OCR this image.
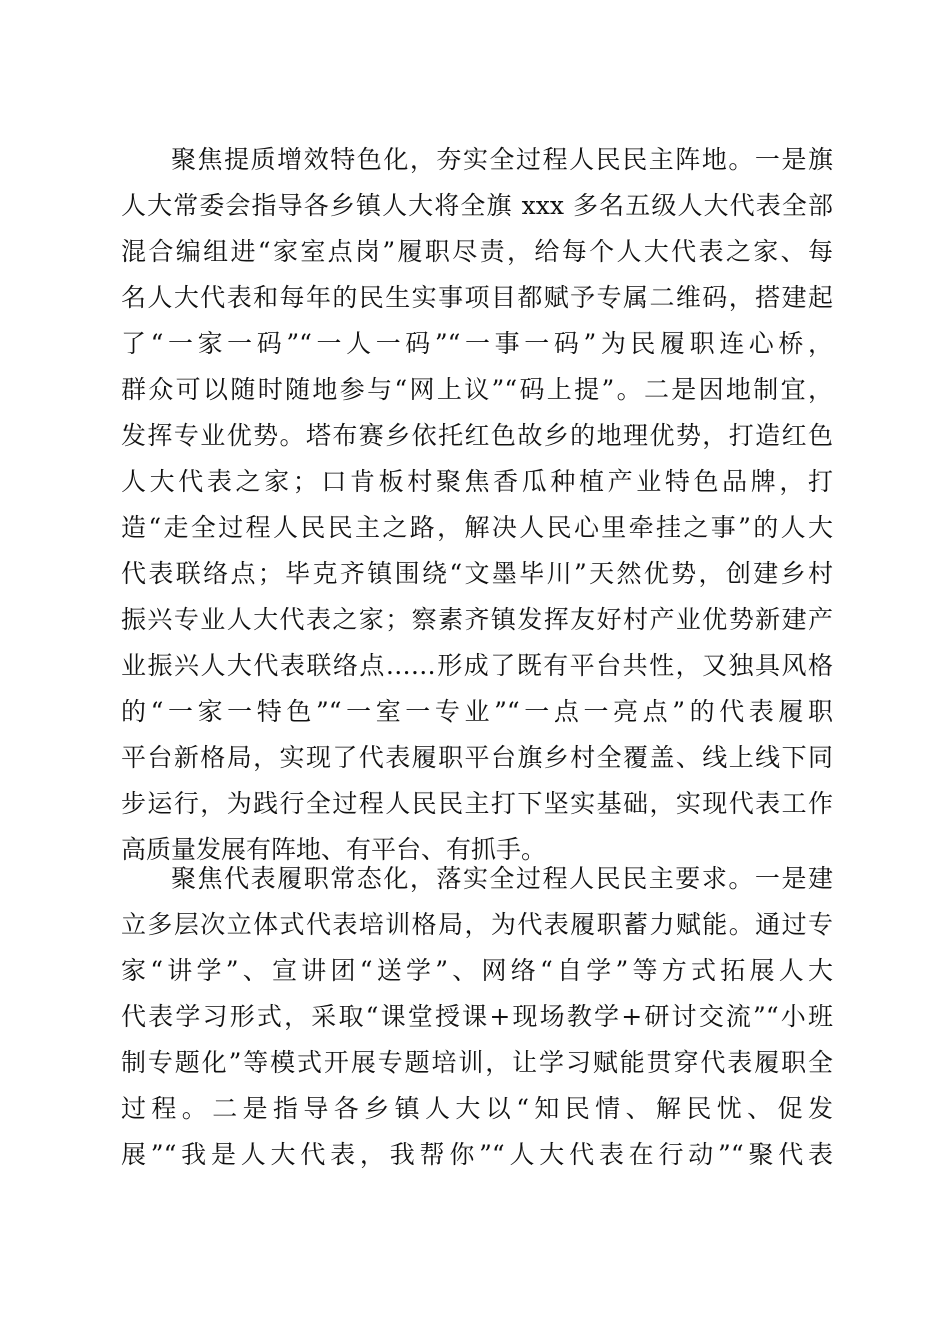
聚焦提质增效特色化，夯实全过程人民民主阵地。一是旗
人大常委会指导各乡镇人大将全旗 xxx 多名五级人大代表全部
混合编组进“家室点岗”履职尽责，给每个人大代表之家、每
名人大代表和每年的民生实事项目都赋予专属二维码，搭建起
了“一家一码”“一人一码”“一事一码”为民履职连心桥，
群众可以随时随地参与“网上议”“码上提”。二是因地制宜，
发挥专业优势。塔布赛乡依托红色故乡的地理优势，打造红色
人大代表之家；口肯板村聚焦香瓜种植产业特色品牌，打
造“走全过程人民民主之路，解决人民心里牵挂之事”的人大
代表联络点；毕克齐镇围绕“文墨毕川”天然优势，创建乡村
振兴专业人大代表之家；察素齐镇发挥友好村产业优势新建产
业振兴人大代表联络点……形成了既有平台共性，又独具风格
的“一家一特色”“一室一专业”“一点一亮点”的代表履职
平台新格局，实现了代表履职平台旗乡村全覆盖、线上线下同
步运行，为践行全过程人民民主打下坚实基础，实现代表工作
高质量发展有阵地、有平台、有抓手。
聚焦代表履职常态化，落实全过程人民民主要求。一是建
立多层次立体式代表培训格局，为代表履职蓄力赋能。通过专
家“讲学”、宣讲团“送学”、网络“自学”等方式拓展人大
代表学习形式，采取“课堂授课+现场教学+研讨交流”“小班
制专题化”等模式开展专题培训，让学习赋能贯穿代表履职全
过程。二是指导各乡镇人大以“知民情、解民忧、促发
展”“我是人大代表，我帮你”“人大代表在行动”“聚代表
